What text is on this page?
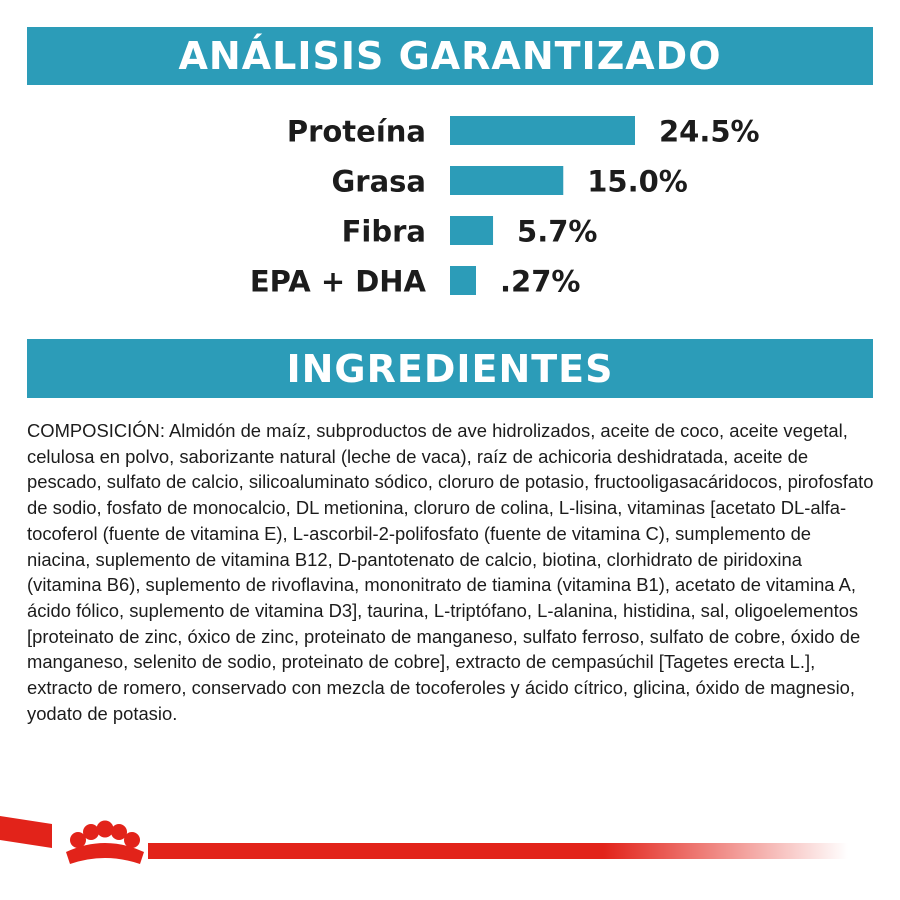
ANÁLISIS GARANTIZADO
Proteína	24.5%
Grasa	15.0%
Fibra	5.7%
EPA + DHA	.27%
INGREDIENTES

COMPOSICIÓN: Almidón de maíz, subproductos de ave hidrolizados, aceite de coco, aceite vegetal, celulosa en polvo, saborizante natural (leche de vaca), raíz de achicoria deshidratada, aceite de pescado, sulfato de calcio, silicoaluminato sódico, cloruro de potasio, fructooligasacáridocos, pirofosfato de sodio, fosfato de monocalcio, DL metionina, cloruro de colina, L-lisina, vitaminas [acetato DL-alfa-tocoferol (fuente de vitamina E), L-ascorbil-2-polifosfato (fuente de vitamina C), sumplemento de niacina, suplemento de vitamina B12, D-pantotenato de calcio, biotina, clorhidrato de piridoxina (vitamina B6), suplemento de rivoflavina, mononitrato de tiamina (vitamina B1), acetato de vitamina A, ácido fólico, suplemento de vitamina D3], taurina, L-triptófano, L-alanina, histidina, sal, oligoelementos [proteinato de zinc, óxico de zinc, proteinato de manganeso, sulfato ferroso, sulfato de cobre, óxido de manganeso, selenito de sodio, proteinato de cobre], extracto de cempasúchil [Tagetes erecta L.], extracto de romero, conservado con mezcla de tocoferoles y ácido cítrico, glicina, óxido de magnesio, yodato de potasio.
